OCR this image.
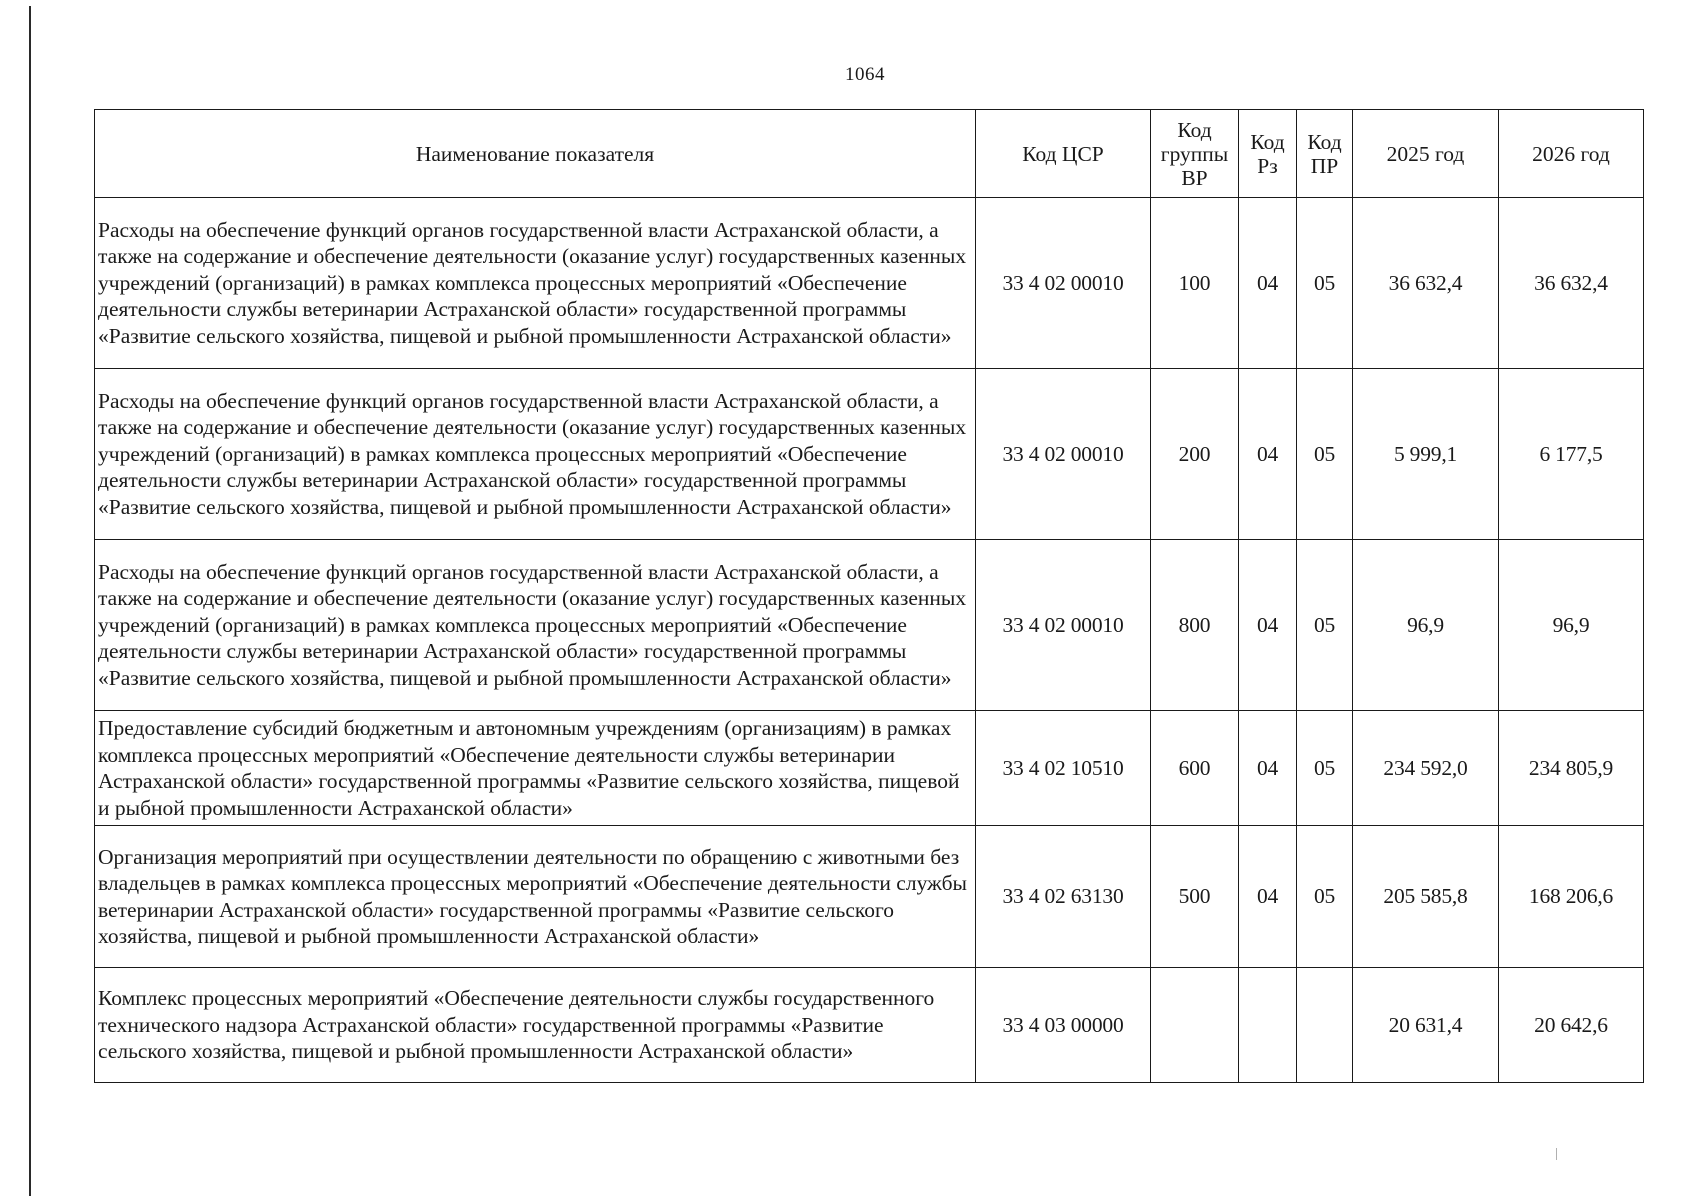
1064
Наименование показателя	Код ЦСР	Код группы ВР	Код Рз	Код ПР	2025 год	2026 год
Расходы на обеспечение функций органов государственной власти Астраханской области, а также на содержание и обеспечение деятельности (оказание услуг) государственных казенных учреждений (организаций) в рамках комплекса процессных мероприятий «Обеспечение деятельности службы ветеринарии Астраханской области» государственной программы «Развитие сельского хозяйства, пищевой и рыбной промышленности Астраханской области»	33 4 02 00010	100	04	05	36 632,4	36 632,4
Расходы на обеспечение функций органов государственной власти Астраханской области, а также на содержание и обеспечение деятельности (оказание услуг) государственных казенных учреждений (организаций) в рамках комплекса процессных мероприятий «Обеспечение деятельности службы ветеринарии Астраханской области» государственной программы «Развитие сельского хозяйства, пищевой и рыбной промышленности Астраханской области»	33 4 02 00010	200	04	05	5 999,1	6 177,5
Расходы на обеспечение функций органов государственной власти Астраханской области, а также на содержание и обеспечение деятельности (оказание услуг) государственных казенных учреждений (организаций) в рамках комплекса процессных мероприятий «Обеспечение деятельности службы ветеринарии Астраханской области» государственной программы «Развитие сельского хозяйства, пищевой и рыбной промышленности Астраханской области»	33 4 02 00010	800	04	05	96,9	96,9
Предоставление субсидий бюджетным и автономным учреждениям (организациям) в рамках комплекса процессных мероприятий «Обеспечение деятельности службы ветеринарии Астраханской области» государственной программы «Развитие сельского хозяйства, пищевой и рыбной промышленности Астраханской области»	33 4 02 10510	600	04	05	234 592,0	234 805,9
Организация мероприятий при осуществлении деятельности по обращению с животными без владельцев в рамках комплекса процессных мероприятий «Обеспечение деятельности службы ветеринарии Астраханской области» государственной программы «Развитие сельского хозяйства, пищевой и рыбной промышленности Астраханской области»	33 4 02 63130	500	04	05	205 585,8	168 206,6
Комплекс процессных мероприятий «Обеспечение деятельности службы государственного технического надзора Астраханской области» государственной программы «Развитие сельского хозяйства, пищевой и рыбной промышленности Астраханской области»	33 4 03 00000				20 631,4	20 642,6
